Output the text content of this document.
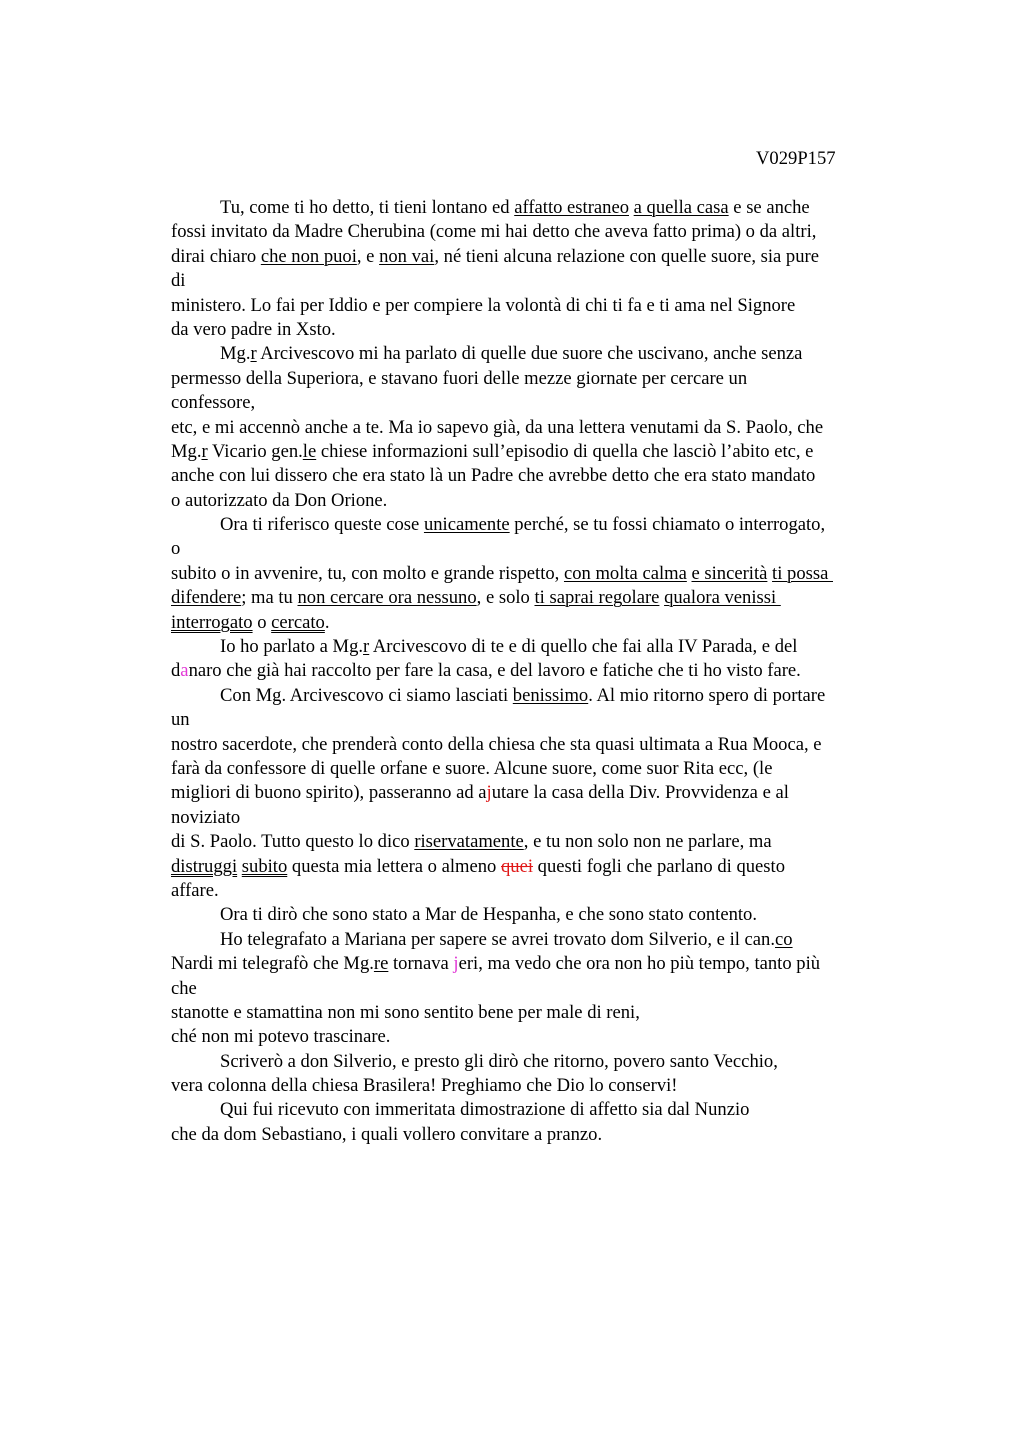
V029P157
Tu, come ti ho detto, ti tieni lontano ed affatto estraneo a quella casa e se anche
fossi invitato da Madre Cherubina (come mi hai detto che aveva fatto prima) o da altri,
dirai chiaro che non puoi, e non vai, né tieni alcuna relazione con quelle suore, sia pure
di
ministero. Lo fai per Iddio e per compiere la volontà di chi ti fa e ti ama nel Signore
da vero padre in Xsto.
Mg.r Arcivescovo mi ha parlato di quelle due suore che uscivano, anche senza
permesso della Superiora, e stavano fuori delle mezze giornate per cercare un
confessore,
etc, e mi accennò anche a te. Ma io sapevo già, da una lettera venutami da S. Paolo, che
Mg.r Vicario gen.le chiese informazioni sull’episodio di quella che lasciò l’abito etc, e
anche con lui dissero che era stato là un Padre che avrebbe detto che era stato mandato
o autorizzato da Don Orione.
Ora ti riferisco queste cose unicamente perché, se tu fossi chiamato o interrogato,
o
subito o in avvenire, tu, con molto e grande rispetto, con molta calma e sincerità ti possa
difendere; ma tu non cercare ora nessuno, e solo ti saprai regolare qualora venissi
interrogato o cercato.
Io ho parlato a Mg.r Arcivescovo di te e di quello che fai alla IV Parada, e del
danaro che già hai raccolto per fare la casa, e del lavoro e fatiche che ti ho visto fare.
Con Mg. Arcivescovo ci siamo lasciati benissimo. Al mio ritorno spero di portare
un
nostro sacerdote, che prenderà conto della chiesa che sta quasi ultimata a Rua Mooca, e
farà da confessore di quelle orfane e suore. Alcune suore, come suor Rita ecc, (le
migliori di buono spirito), passeranno ad ajutare la casa della Div. Provvidenza e al
noviziato
di S. Paolo. Tutto questo lo dico riservatamente, e tu non solo non ne parlare, ma
distruggi subito questa mia lettera o almeno quei questi fogli che parlano di questo
affare.
Ora ti dirò che sono stato a Mar de Hespanha, e che sono stato contento.
Ho telegrafato a Mariana per sapere se avrei trovato dom Silverio, e il can.co
Nardi mi telegrafò che Mg.re tornava jeri, ma vedo che ora non ho più tempo, tanto più
che
stanotte e stamattina non mi sono sentito bene per male di reni,
ché non mi potevo trascinare.
Scriverò a don Silverio, e presto gli dirò che ritorno, povero santo Vecchio,
vera colonna della chiesa Brasilera! Preghiamo che Dio lo conservi!
Qui fui ricevuto con immeritata dimostrazione di affetto sia dal Nunzio
che da dom Sebastiano, i quali vollero convitare a pranzo.
